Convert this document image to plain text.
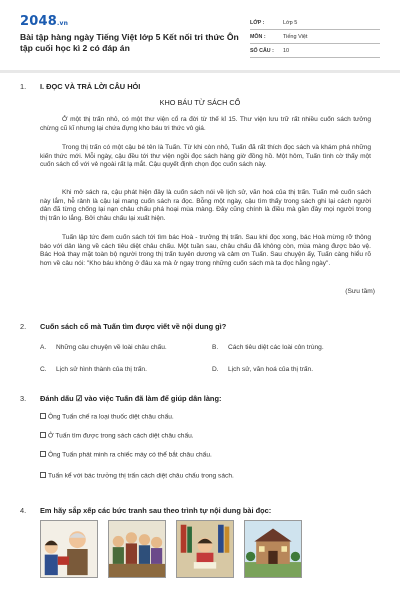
2048.vn
Bài tập hàng ngày Tiếng Việt lớp 5 Kết nối tri thức Ôn tập cuối học kì 2 có đáp án
LỚP :	Lớp 5
MÔN :	Tiếng Việt
SỐ CÂU :	10
1. I. ĐỌC VÀ TRẢ LỜI CÂU HỎI
KHO BÁU TỪ SÁCH CỔ
Ở một thị trấn nhỏ, có một thư viện cổ ra đời từ thế kỉ 15. Thư viện lưu trữ rất nhiều cuốn sách tưởng chừng cũ kĩ nhưng lại chứa đựng kho báu tri thức vô giá.
Trong thị trấn có một cậu bé tên là Tuấn. Từ khi còn nhỏ, Tuấn đã rất thích đọc sách và khám phá những kiến thức mới. Mỗi ngày, cậu đều tới thư viện ngồi đọc sách hàng giờ đồng hồ. Một hôm, Tuấn tình cờ thấy một cuốn sách cổ với vẻ ngoài rất lạ mắt. Cậu quyết định chọn đọc cuốn sách này.
Khi mở sách ra, cậu phát hiện đây là cuốn sách nói về lịch sử, văn hoá của thị trấn. Tuấn mê cuốn sách này lắm, hễ rảnh là cậu lại mang cuốn sách ra đọc. Bỗng một ngày, cậu tìm thấy trong sách ghi lại cách người dân đã từng chống lại nạn châu chấu phá hoại mùa màng. Đây cũng chính là điều mà gần đây mọi người trong thị trấn lo lắng. Bởi châu chấu lại xuất hiện.
Tuấn lập tức đem cuốn sách tới tìm bác Hoà - trưởng thị trấn. Sau khi đọc xong, bác Hoà mừng rỡ thông báo với dân làng về cách tiêu diệt châu chấu. Một tuần sau, châu chấu đã không còn, mùa màng được bảo vệ. Bác Hoà thay mặt toàn bộ người trong thị trấn tuyên dương và cảm ơn Tuấn. Sau chuyện ấy, Tuấn càng hiểu rõ hơn về câu nói: "Kho báu không ở đâu xa mà ở ngay trong những cuốn sách mà ta đọc hằng ngày".
(Sưu tầm)
2. Cuốn sách cổ mà Tuấn tìm được viết về nội dung gì?
A. Những câu chuyện về loài châu chấu.	B. Cách tiêu diệt các loài côn trùng.
C. Lịch sử hình thành của thị trấn.	D. Lịch sử, văn hoá của thị trấn.
3. Đánh dấu ☑ vào việc Tuấn đã làm để giúp dân làng:
Ông Tuấn chế ra loại thuốc diệt châu chấu.
Ở Tuấn tìm được trong sách cách diệt châu chấu.
Ông Tuấn phát minh ra chiếc máy có thể bắt châu chấu.
Tuấn kể với bác trưởng thị trấn cách diệt châu chấu trong sách.
4. Em hãy sắp xếp các bức tranh sau theo trình tự nội dung bài đọc:
